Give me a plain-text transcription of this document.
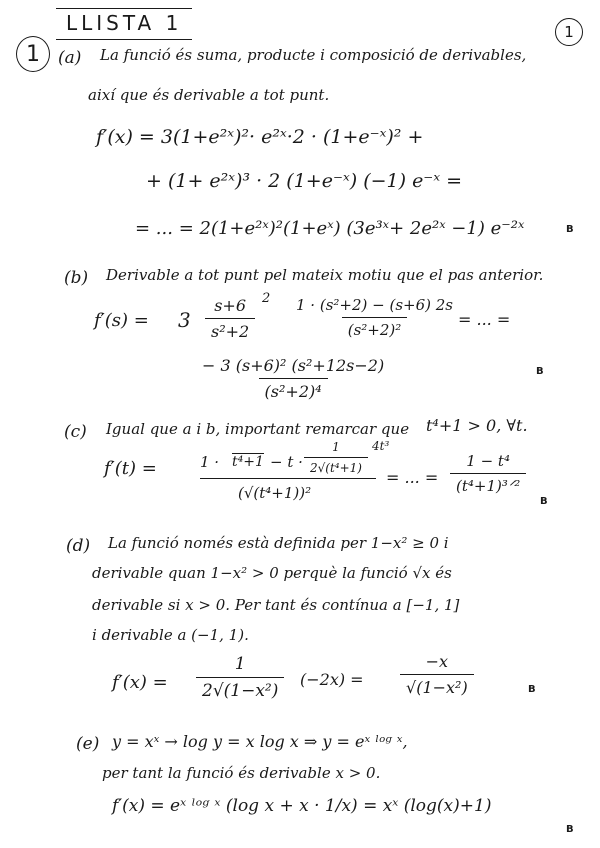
LLISTA 1	1
1 (a) La funció és suma, producte i composició de derivables,
així que és derivable a tot punt.
f′(x) = 3(1+e²ˣ)²· e²ˣ·2 · (1+e⁻ˣ)² +
+ (1+ e²ˣ)³ · 2 (1+e⁻ˣ) (−1) e⁻ˣ =
= ... = 2(1+e²ˣ)²(1+eˣ) (3e³ˣ+ 2e²ˣ −1) e⁻²ˣ	B
(b) Derivable a tot punt pel mateix motiu que el pas anterior.
$f'(s) = 3 \frac{s+6}{\text{s²+2}} 2 \frac{\text{1 · (s²+2) − (s+6) 2s}}{\text{(s²+2)²}}$
= ... =
$\frac{\text{− 3 (s+6)² (s²+12s−2)}}{\text{(s²+2)⁴}}$	B
(c) Igual que a i b, important remarcar que t⁴+1 > 0, ∀t.
f′(t) =	$1 \cdot t^4+1 - t \cdot \frac{1}{\text{2√(t⁴+1)}} 4t^3$
(√(t⁴+1))²
= ... =
1 − t⁴
(t⁴+1)³ᐟ²
B
(d) La funció només està definida per 1−x² ≥ 0 i
derivable quan 1−x² > 0 perquè la funció √x és
derivable si x > 0. Per tant és contínua a [−1, 1]
i derivable a (−1, 1).
$f'(x) = \frac{1}{\text{2√(1−x²)}} (-2x) = \frac{-x}{\text{√(1−x²)}}$	B
(e) y = xˣ → log y = x log x ⇒ y = eˣ ˡᵒᵍ ˣ,
per tant la funció és derivable x > 0.
f′(x) = eˣ ˡᵒᵍ ˣ (log x + x · 1/x) = xˣ (log(x)+1)
B
